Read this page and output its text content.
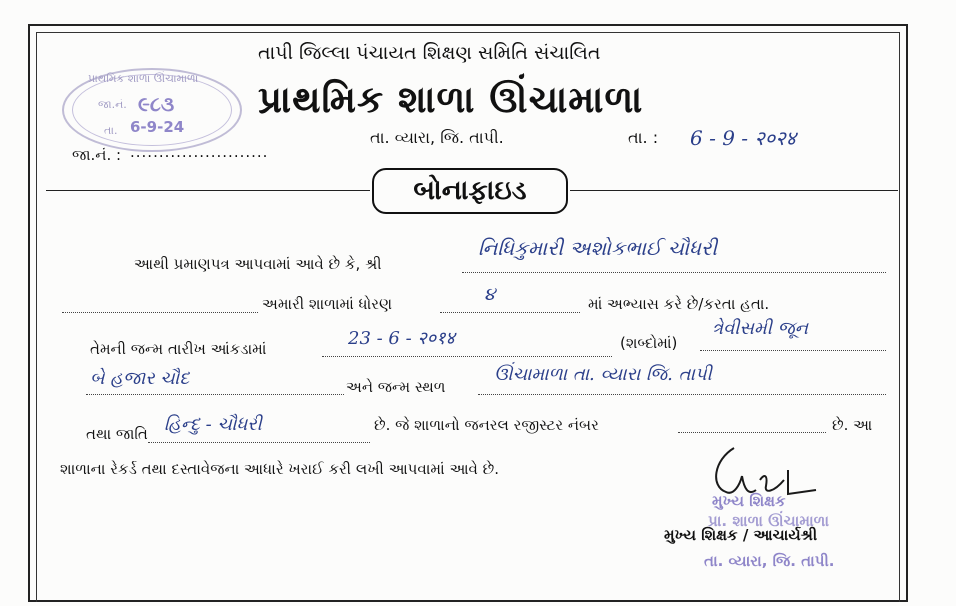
તાપી જિલ્લા પંચાયત શિક્ષણ સમિતિ સંચાલિત
પ્રાથમિક શાળા ઊંચામાળા
તા. વ્યારા, જિ. તાપી.	તા. : 6 - 9 - २०२४
પ્રાથમિક શાળા ઊંચામાળા
જા.નં. ૯૮૩
તા. 6-9-24
જા.નં. : ........................
બોનાફાઇડ
આથી પ્રમાણપત્ર આપવામાં આવે છે કે, શ્રી
નિધિકુમારી અશોકભાઈ ચૌધરી
અમારી શાળામાં ધોરણ	૪	માં અભ્યાસ કરે છે/કરતા હતા.
તેમની જન્મ તારીખ આંકડામાં	23 - 6 - २०१४	(શબ્દોમાં)
ત્રેવીસમી જૂન
બે હજાર ચૌદ	અને જન્મ સ્થળ
ઊંચામાળા તા. વ્યારા જિ. તાપી
તથા જાતિ હિન્દુ - ચૌધરી	છે. જે શાળાનો જનરલ રજીસ્ટર નંબર	છે. આ
શાળાના રેકર્ડ તથા દસ્તાવેજના આધારે ખરાઈ કરી લખી આપવામાં આવે છે.
મુખ્ય શિક્ષક
મુખ્ય શિક્ષક / આચાર્યશ્રી
પ્રા. શાળા ઊંચામાળા
તા. વ્યારા, જિ. તાપી.
